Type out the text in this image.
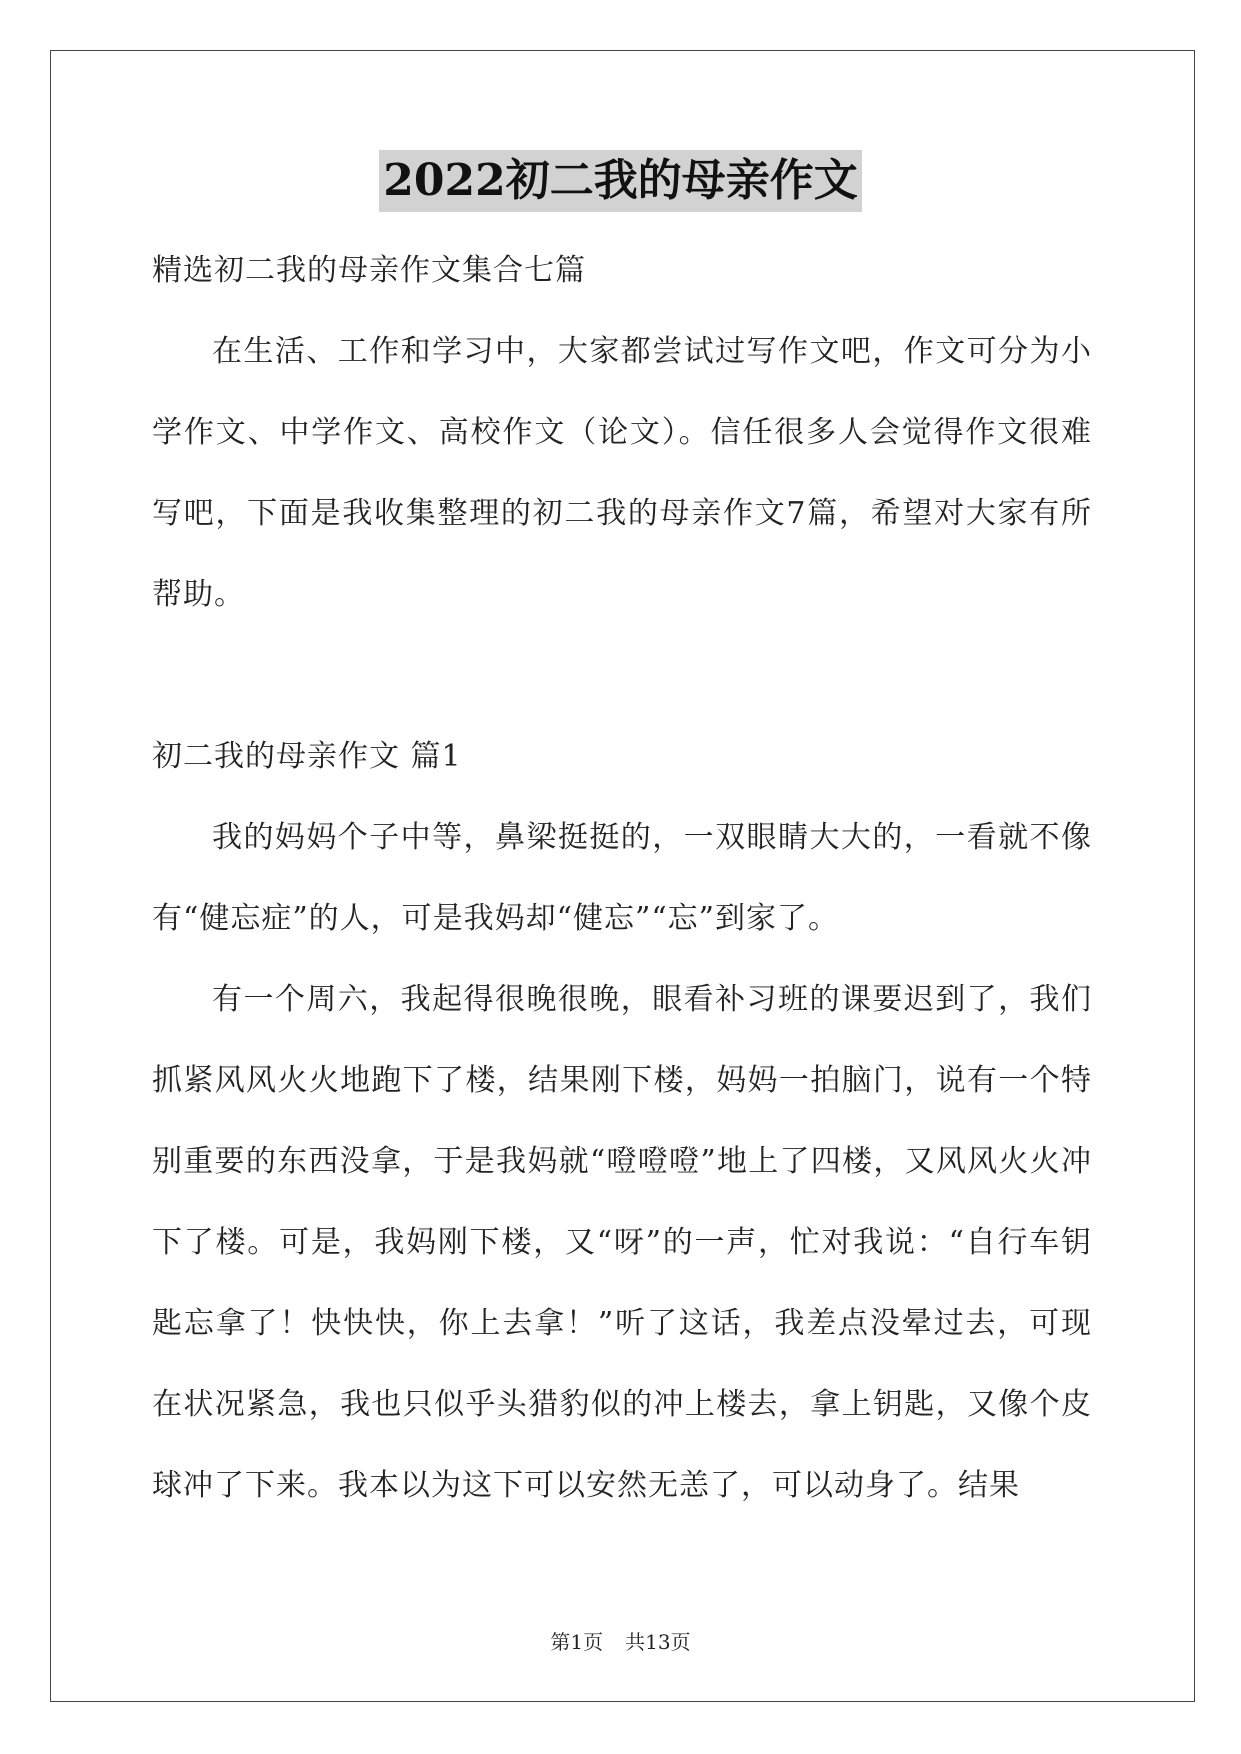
2022初二我的母亲作文

精选初二我的母亲作文集合七篇

在生活、工作和学习中，大家都尝试过写作文吧，作文可分为小学作文、中学作文、高校作文（论文）。信任很多人会觉得作文很难写吧，下面是我收集整理的初二我的母亲作文7篇，希望对大家有所帮助。

初二我的母亲作文 篇1

我的妈妈个子中等，鼻梁挺挺的，一双眼睛大大的，一看就不像有“健忘症”的人，可是我妈却“健忘”“忘”到家了。

有一个周六，我起得很晚很晚，眼看补习班的课要迟到了，我们抓紧风风火火地跑下了楼，结果刚下楼，妈妈一拍脑门，说有一个特别重要的东西没拿，于是我妈就“噔噔噔”地上了四楼，又风风火火冲下了楼。可是，我妈刚下楼，又“呀”的一声，忙对我说：“自行车钥匙忘拿了！快快快，你上去拿！”听了这话，我差点没晕过去，可现在状况紧急，我也只似乎头猎豹似的冲上楼去，拿上钥匙，又像个皮球冲了下来。我本以为这下可以安然无恙了，可以动身了。结果

第1页 共13页
